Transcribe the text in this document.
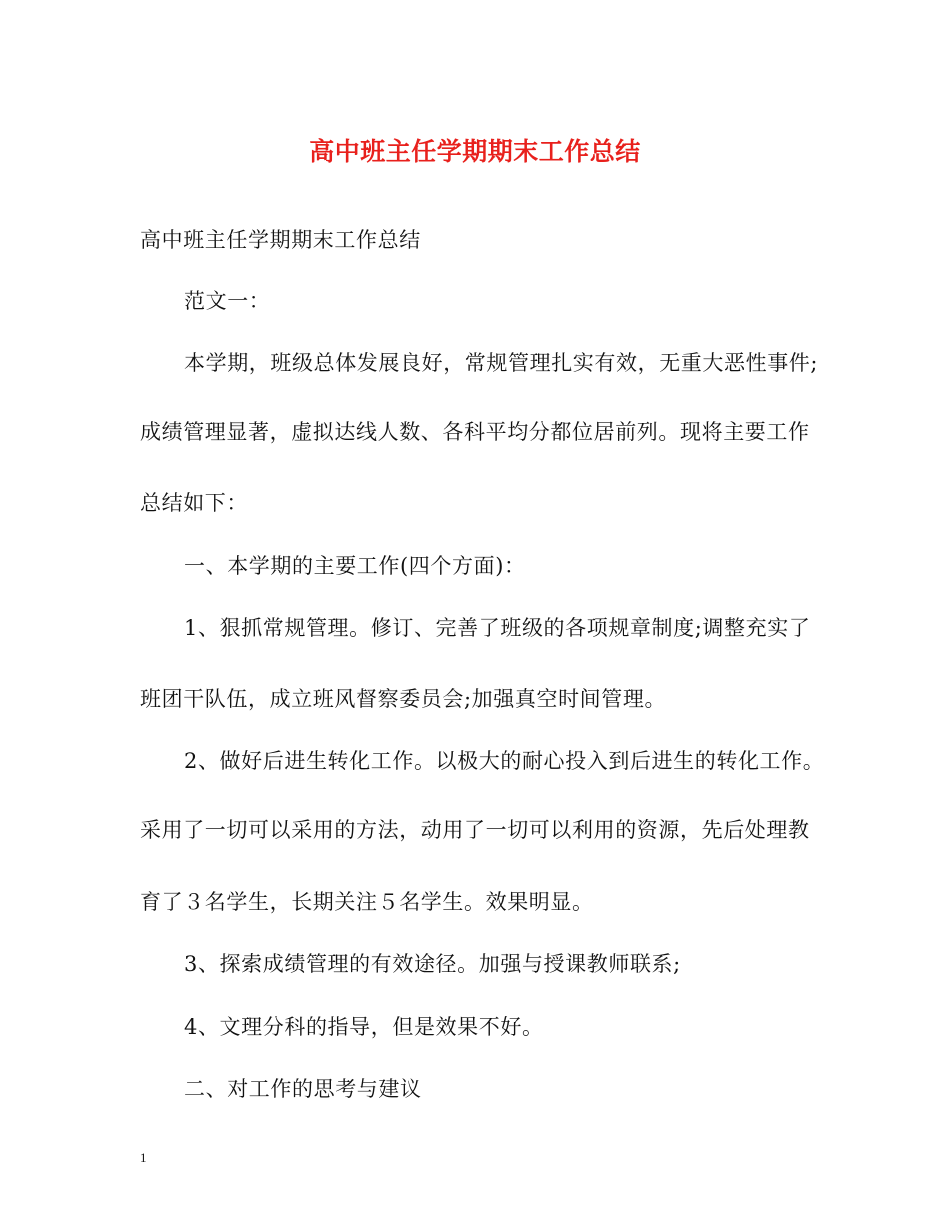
高中班主任学期期末工作总结
高中班主任学期期末工作总结
范文一：
本学期，班级总体发展良好，常规管理扎实有效，无重大恶性事件;
成绩管理显著，虚拟达线人数、各科平均分都位居前列。现将主要工作
总结如下：
一、本学期的主要工作(四个方面)：
1、狠抓常规管理。修订、完善了班级的各项规章制度;调整充实了
班团干队伍，成立班风督察委员会;加强真空时间管理。
2、做好后进生转化工作。以极大的耐心投入到后进生的转化工作。
采用了一切可以采用的方法，动用了一切可以利用的资源，先后处理教
育了３名学生，长期关注５名学生。效果明显。
3、探索成绩管理的有效途径。加强与授课教师联系;
4、文理分科的指导，但是效果不好。
二、对工作的思考与建议
1
